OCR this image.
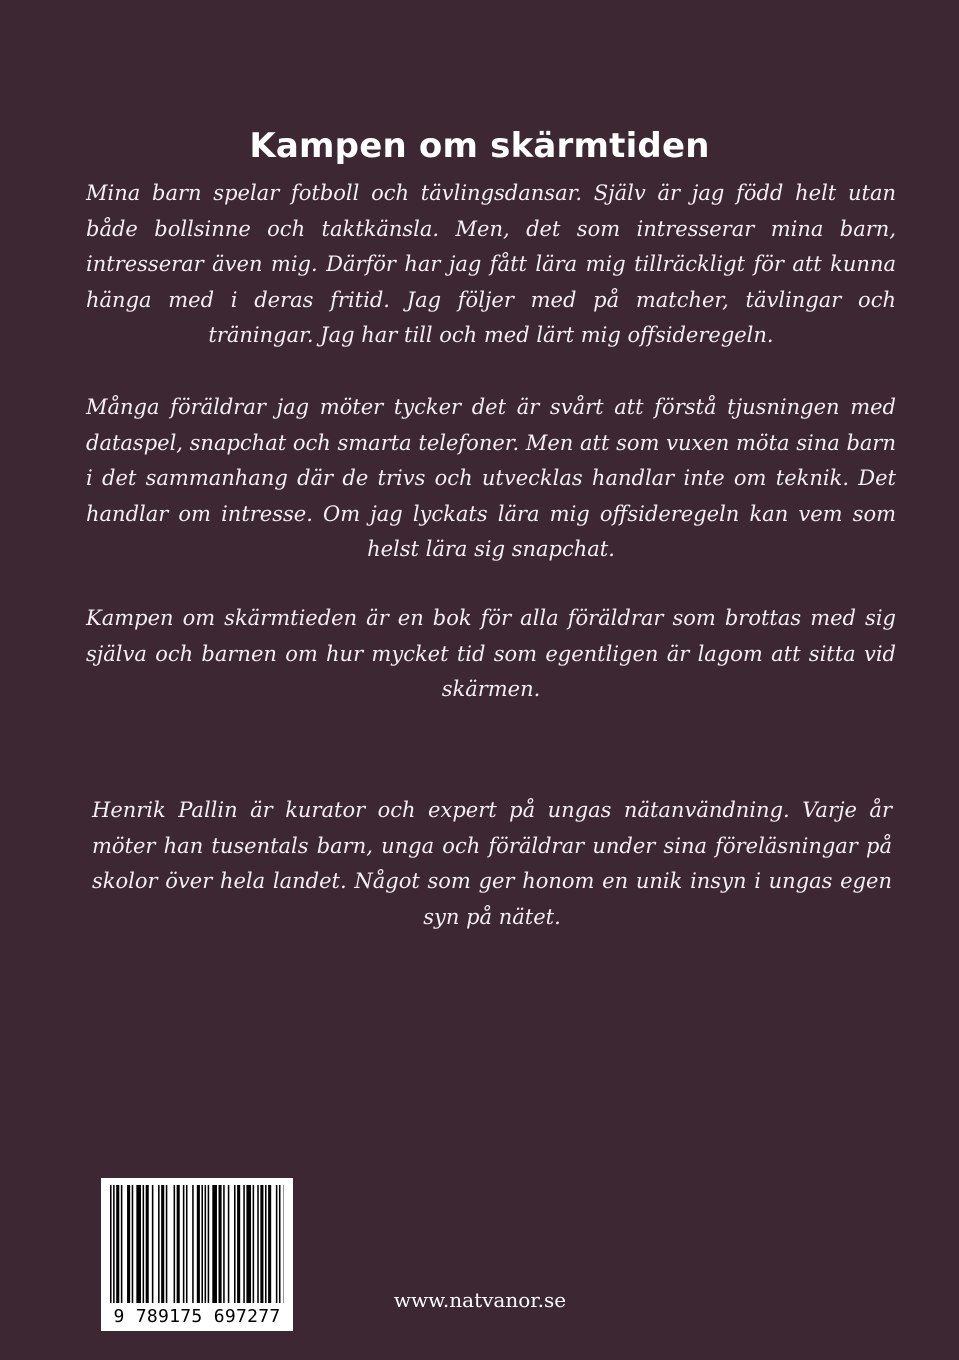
Kampen om skärmtiden

Mina barn spelar fotboll och tävlingsdansar. Själv är jag född helt utan både bollsinne och taktkänsla. Men, det som intresserar mina barn, intresserar även mig. Därför har jag fått lära mig tillräckligt för att kunna hänga med i deras fritid. Jag följer med på matcher, tävlingar och träningar. Jag har till och med lärt mig offsideregeln.

Många föräldrar jag möter tycker det är svårt att förstå tjusningen med dataspel, snapchat och smarta telefoner. Men att som vuxen möta sina barn i det sammanhang där de trivs och utvecklas handlar inte om teknik. Det handlar om intresse. Om jag lyckats lära mig offsideregeln kan vem som helst lära sig snapchat.

Kampen om skärmtieden är en bok för alla föräldrar som brottas med sig själva och barnen om hur mycket tid som egentligen är lagom att sitta vid skärmen.

Henrik Pallin är kurator och expert på ungas nätanvändning. Varje år möter han tusentals barn, unga och föräldrar under sina föreläsningar på skolor över hela landet. Något som ger honom en unik insyn i ungas egen syn på nätet.

9 789175 697277
www.natvanor.se
